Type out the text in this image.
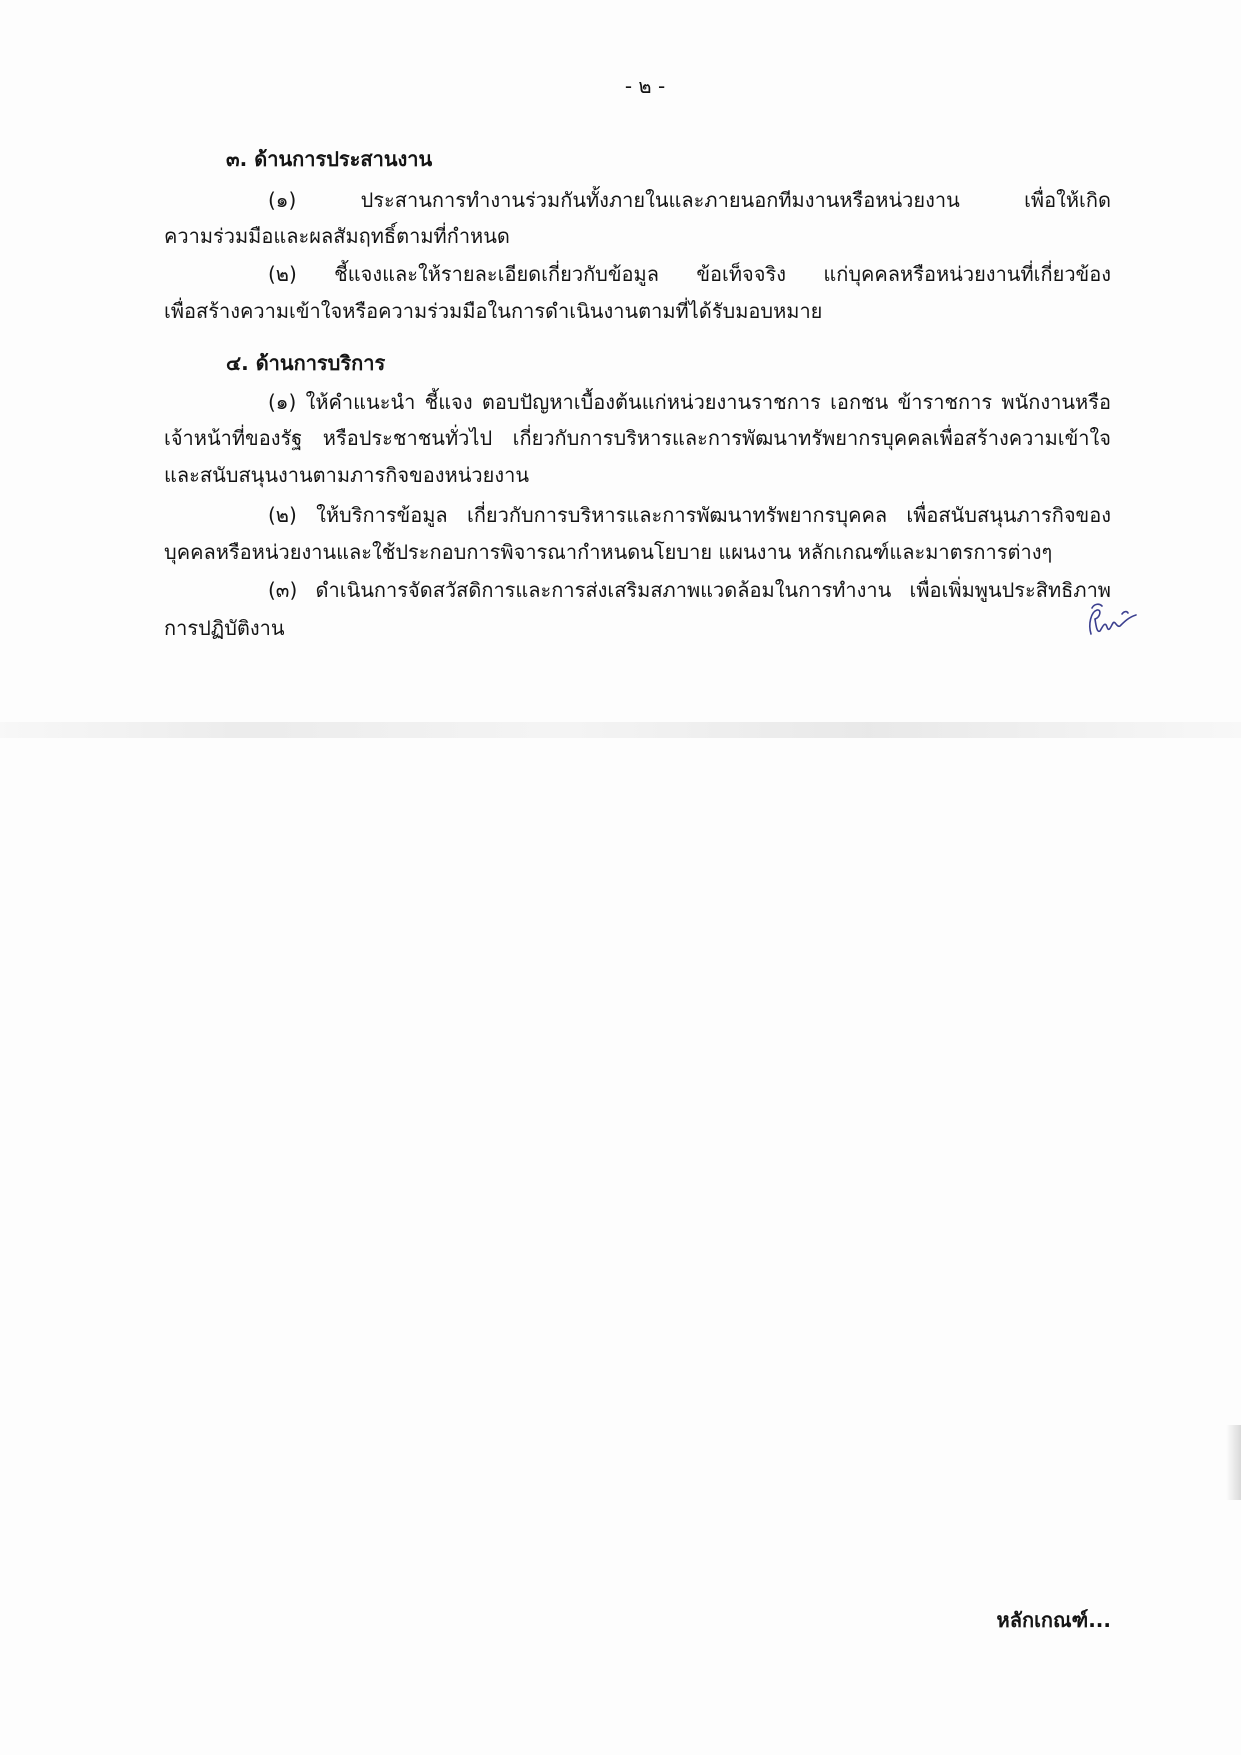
- ๒ -
๓. ด้านการประสานงาน
(๑) ประสานการทำงานร่วมกันทั้งภายในและภายนอกทีมงานหรือหน่วยงาน เพื่อให้เกิด
ความร่วมมือและผลสัมฤทธิ์ตามที่กำหนด
(๒) ชี้แจงและให้รายละเอียดเกี่ยวกับข้อมูล ข้อเท็จจริง แก่บุคคลหรือหน่วยงานที่เกี่ยวข้อง
เพื่อสร้างความเข้าใจหรือความร่วมมือในการดำเนินงานตามที่ได้รับมอบหมาย
๔. ด้านการบริการ
(๑) ให้คำแนะนำ ชี้แจง ตอบปัญหาเบื้องต้นแก่หน่วยงานราชการ เอกชน ข้าราชการ พนักงานหรือ
เจ้าหน้าที่ของรัฐ หรือประชาชนทั่วไป เกี่ยวกับการบริหารและการพัฒนาทรัพยากรบุคคลเพื่อสร้างความเข้าใจ
และสนับสนุนงานตามภารกิจของหน่วยงาน
(๒) ให้บริการข้อมูล เกี่ยวกับการบริหารและการพัฒนาทรัพยากรบุคคล เพื่อสนับสนุนภารกิจของ
บุคคลหรือหน่วยงานและใช้ประกอบการพิจารณากำหนดนโยบาย แผนงาน หลักเกณฑ์และมาตรการต่างๆ
(๓) ดำเนินการจัดสวัสดิการและการส่งเสริมสภาพแวดล้อมในการทำงาน เพื่อเพิ่มพูนประสิทธิภาพ
การปฏิบัติงาน
หลักเกณฑ์...
